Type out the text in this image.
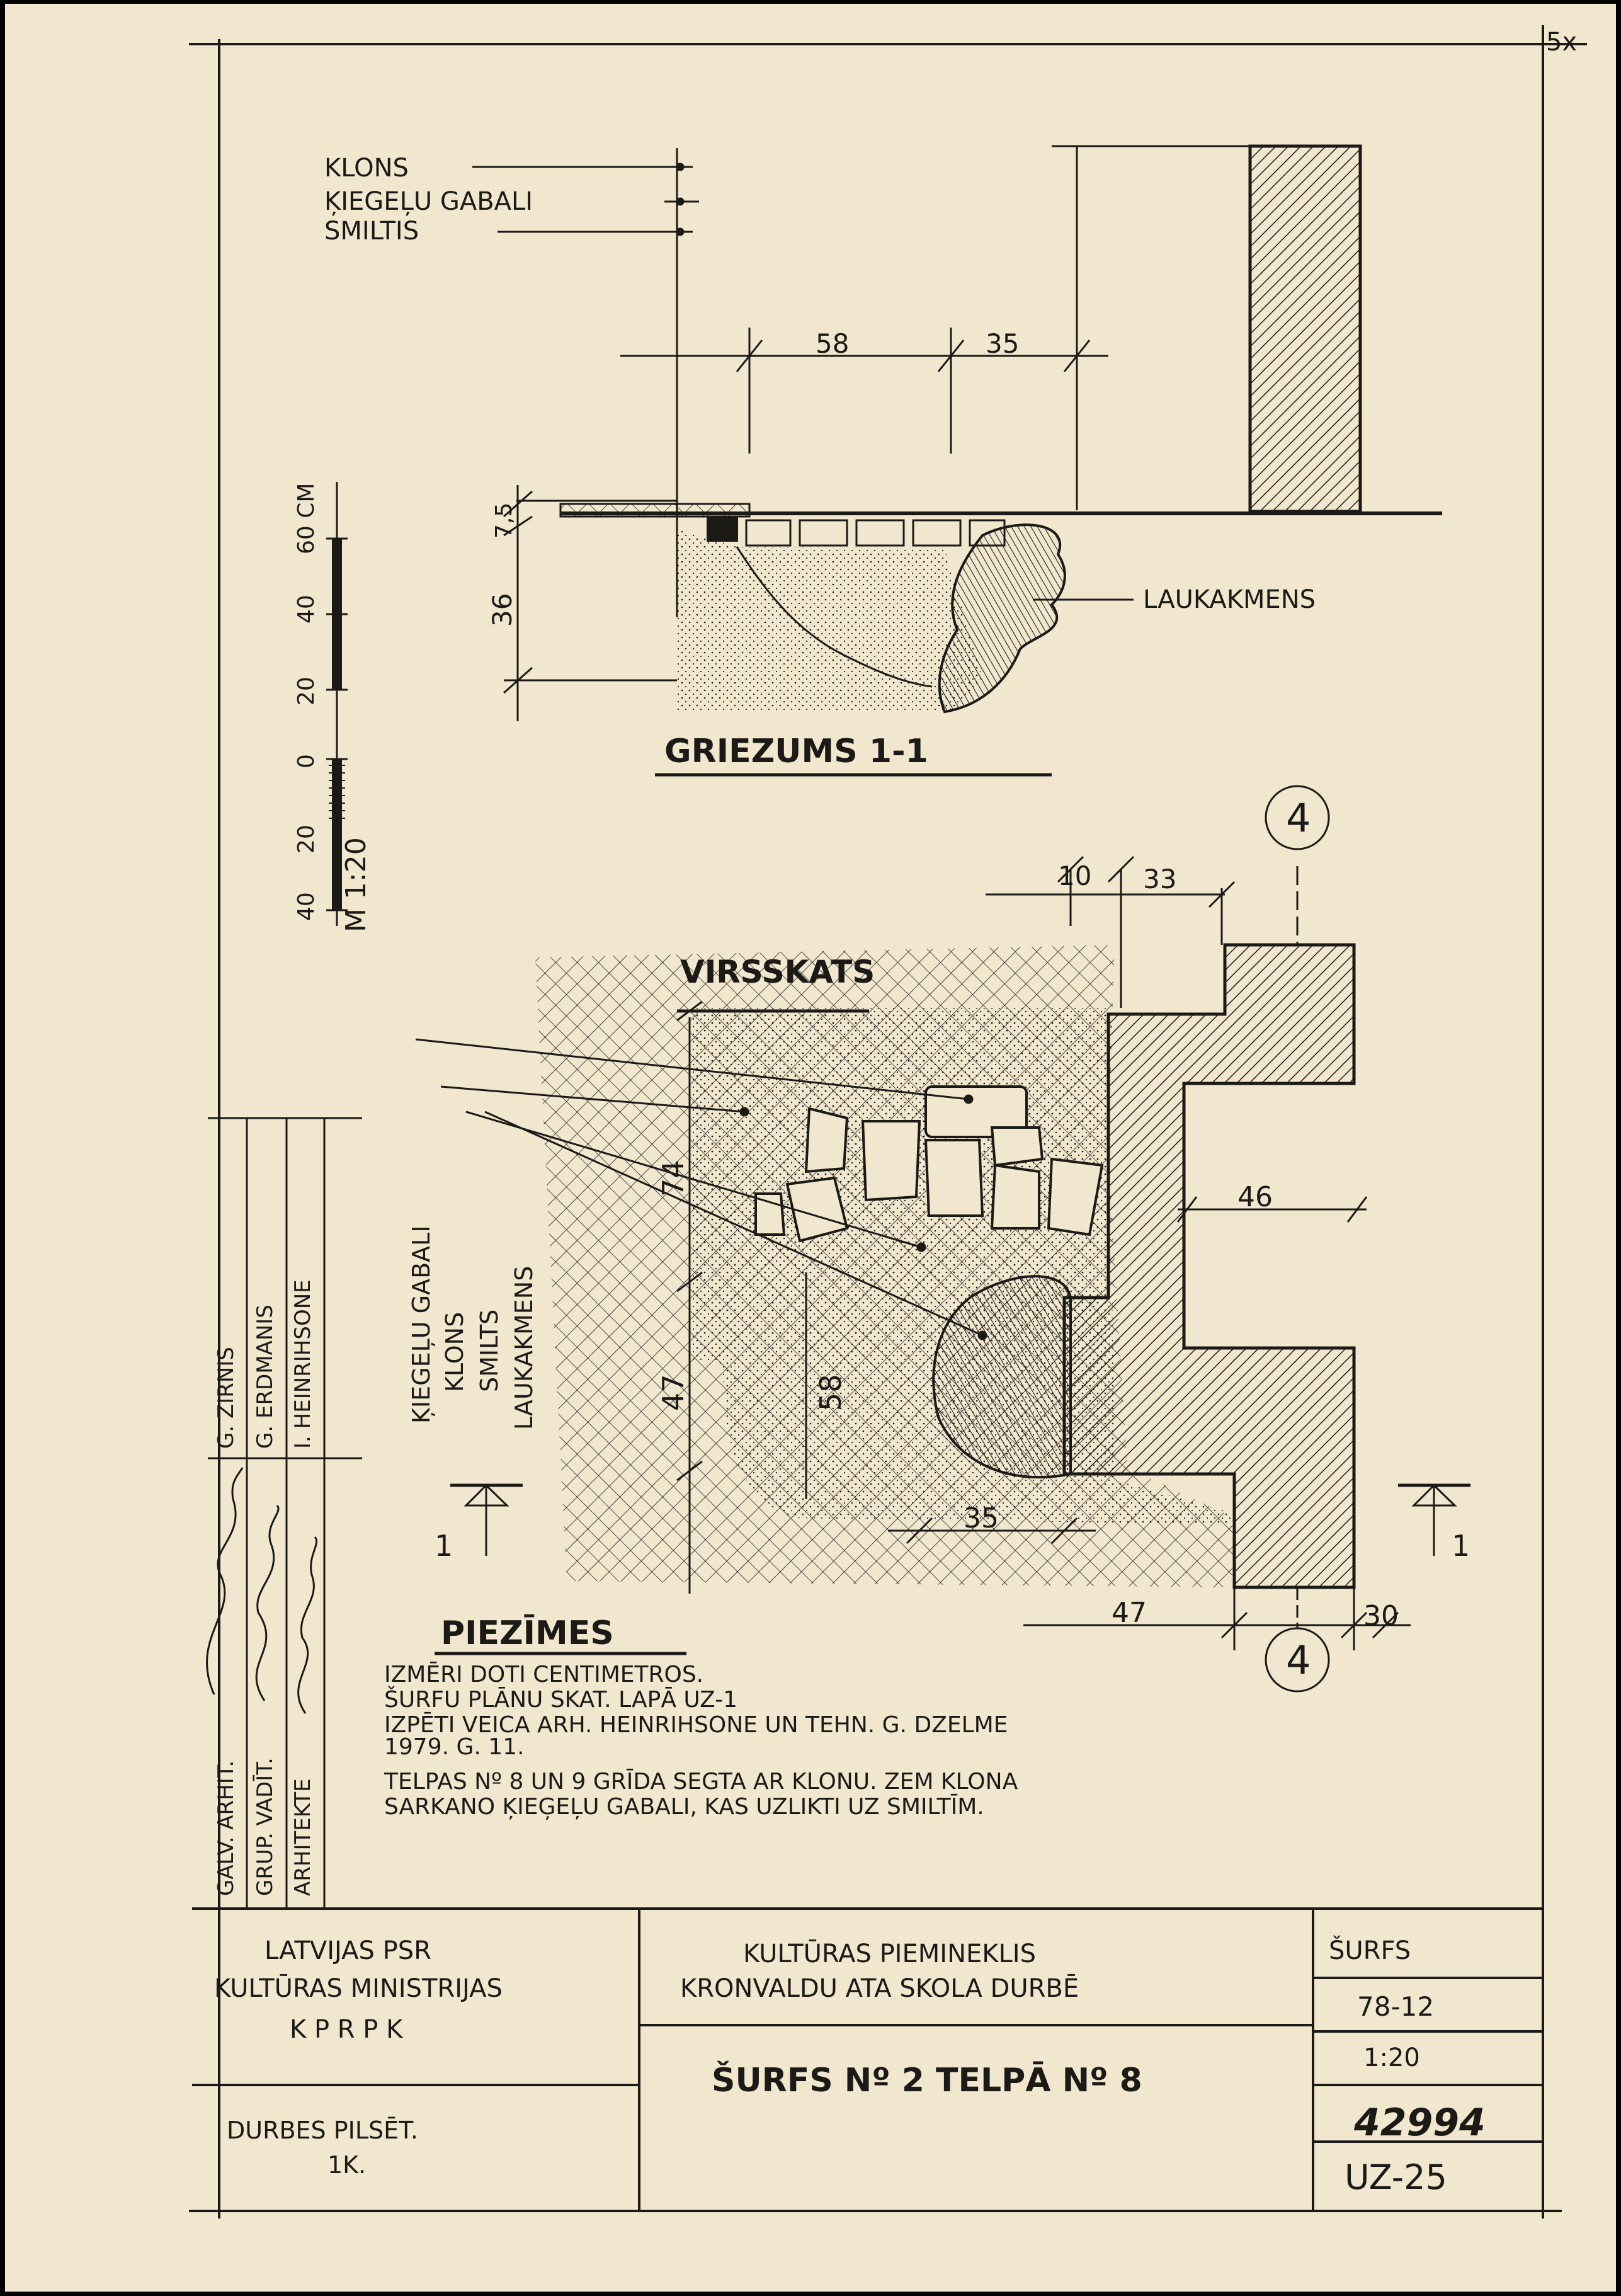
5x
KLONS
ĶIEGEĻU GABALI
SMILTIS
58	35
7,5
36	LAUKAKMENS
GRIEZUMS 1-1
40
20
0
20
40
60 CM
M 1:20
VIRSSKATS
ĶIEGEĻU GABALI KLONS SMILTS LAUKAKMENS
10 33
46
74
47	58
35
47	30
4
4
1	1
PIEZĪMES
IZMĒRI DOTI CENTIMETROS.
ŠURFU PLĀNU SKAT. LAPĀ UZ-1
IZPĒTI VEICA ARH. HEINRIHSONE UN TEHN. G. DZELME
1979. G. 11.
TELPAS Nº 8 UN 9 GRĪDA SEGTA AR KLONU. ZEM KLONA
SARKANO ĶIEĢEĻU GABALI, KAS UZLIKTI UZ SMILTĪM.
GALV. ARHIT. GRUP. VADĪT. ARHITEKTE
G. ZIRNIS G. ERDMANIS I. HEINRIHSONE
LATVIJAS PSR
KULTŪRAS MINISTRIJAS
K P R P K
KULTŪRAS PIEMINEKLIS
KRONVALDU ATA SKOLA DURBĒ
ŠURFS Nº 2 TELPĀ Nº 8
DURBES PILSĒT.
1K.
ŠURFS
78-12
1:20
42994
UZ-25
